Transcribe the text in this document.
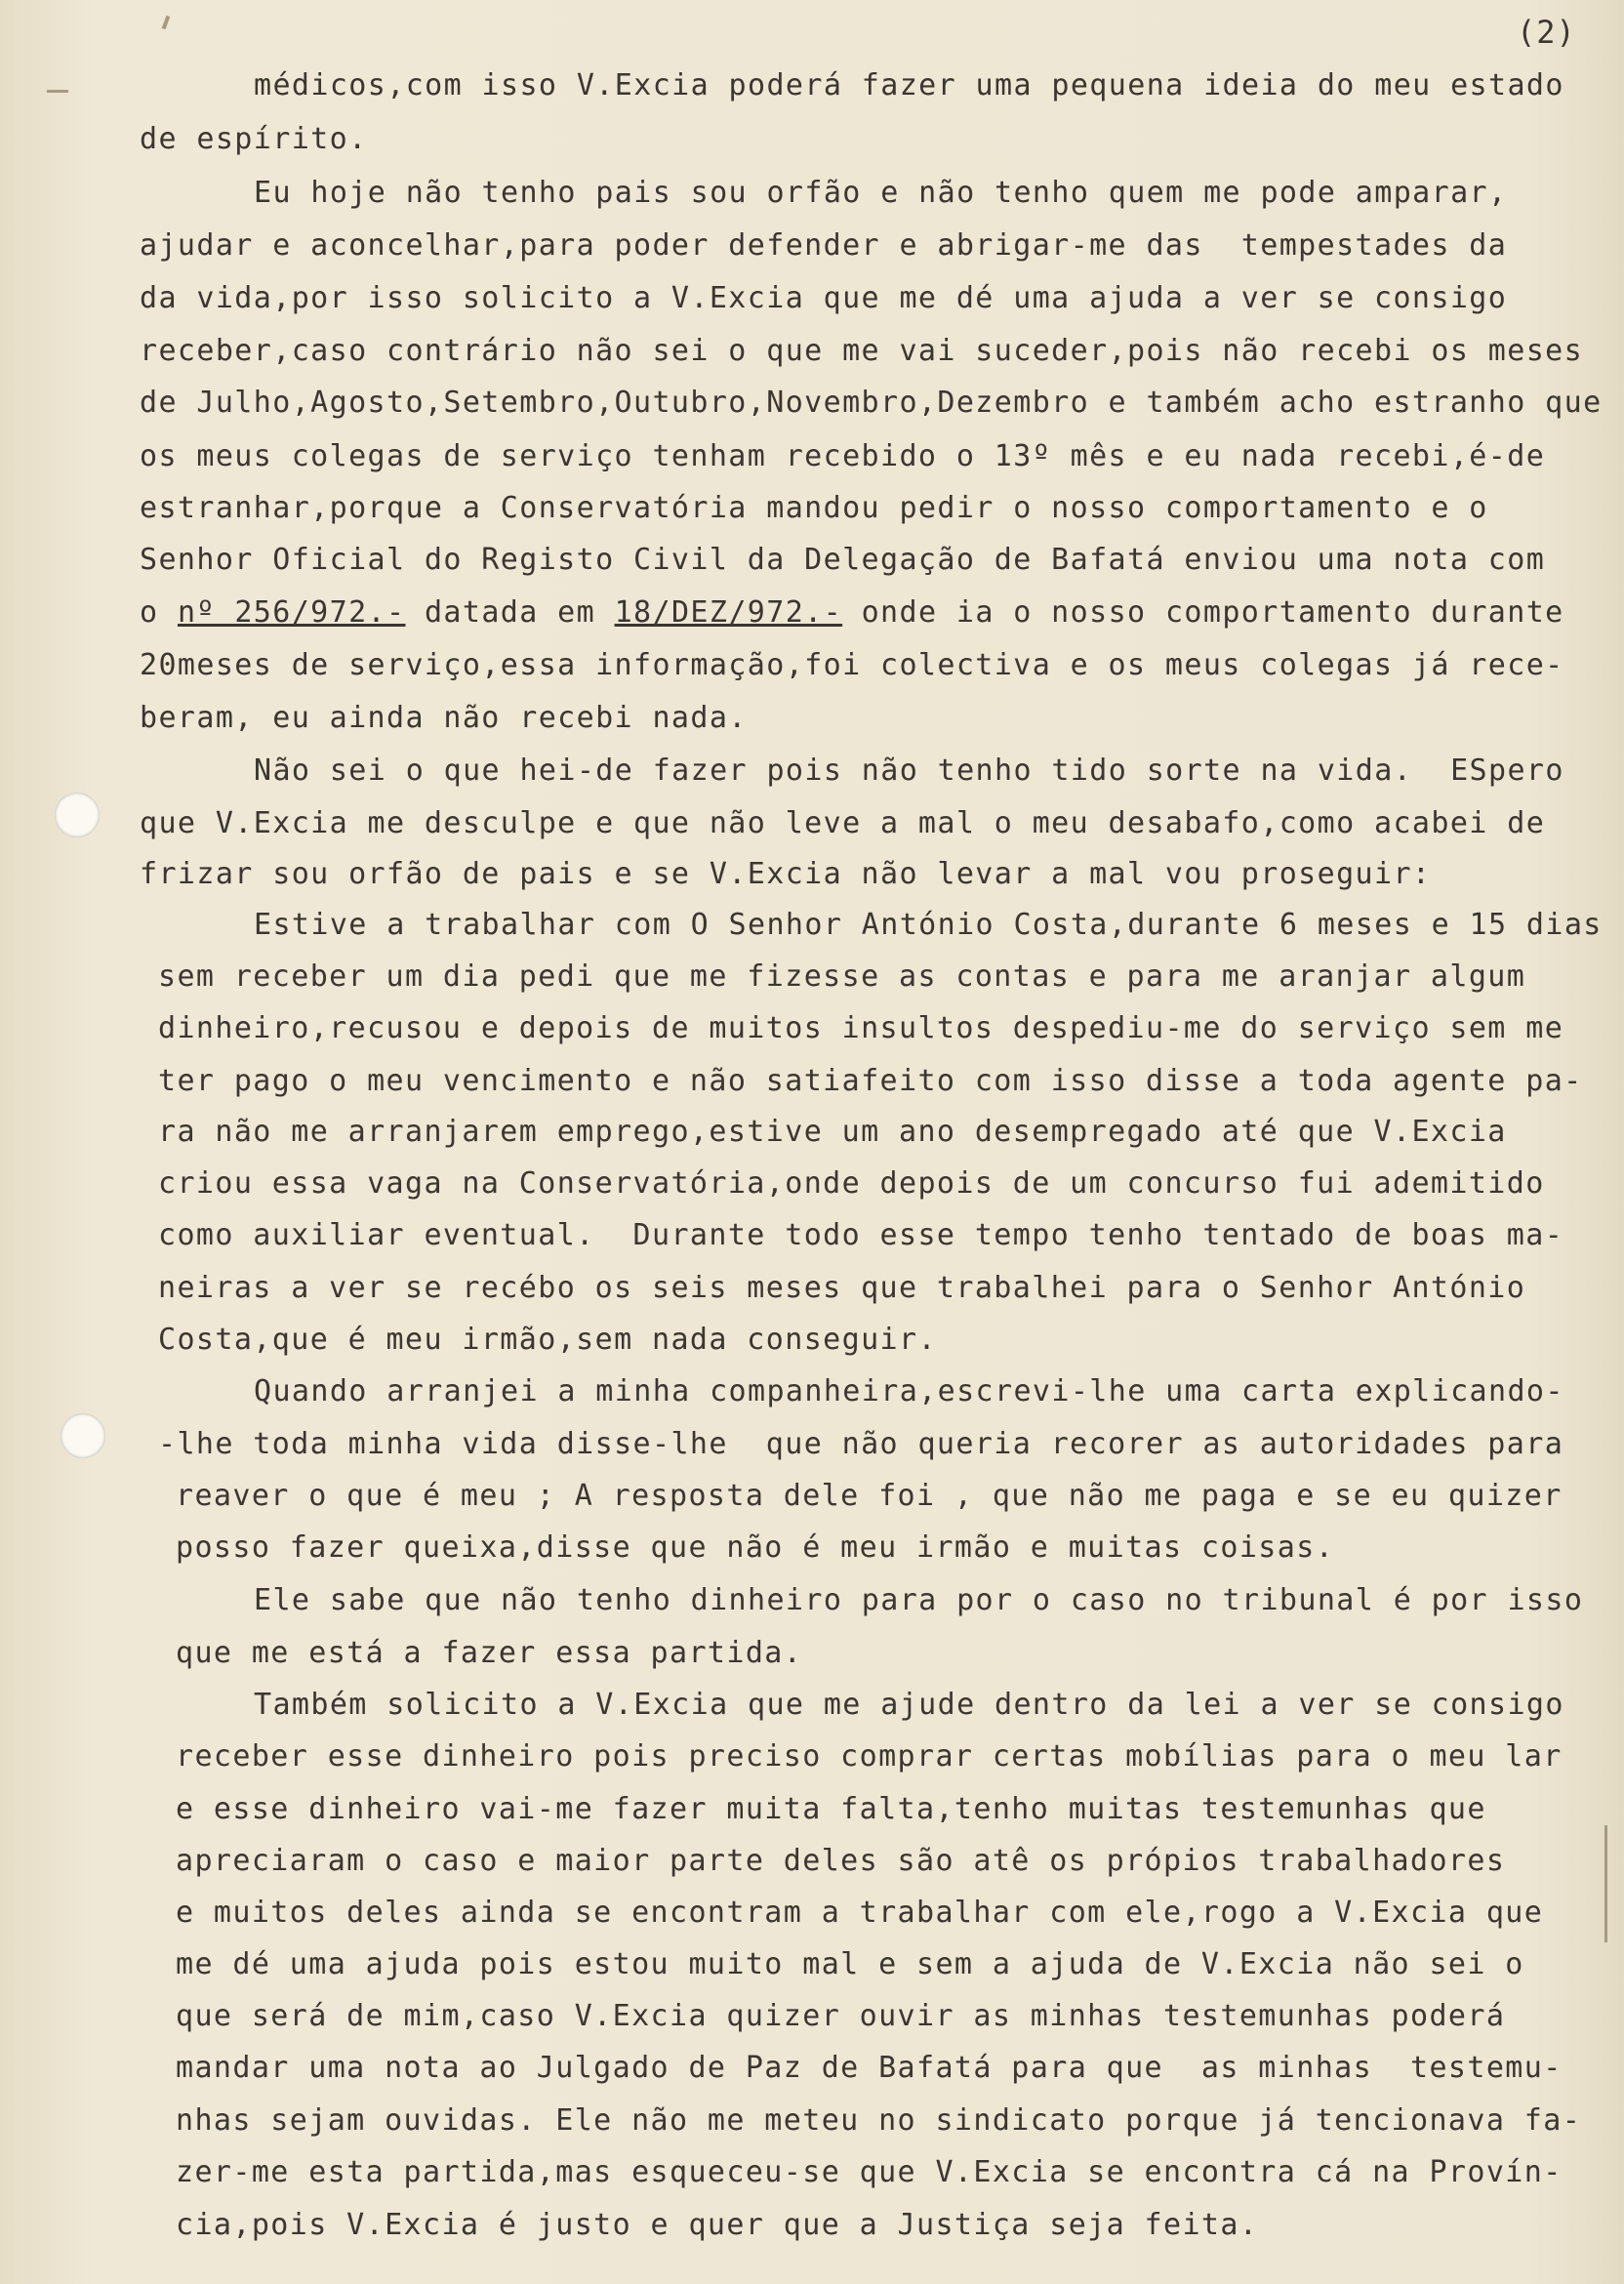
(2)
médicos,com isso V.Excia poderá fazer uma pequena ideia do meu estado
de espírito.
Eu hoje não tenho pais sou orfão e não tenho quem me pode amparar,
ajudar e aconcelhar,para poder defender e abrigar-me das  tempestades da
da vida,por isso solicito a V.Excia que me dé uma ajuda a ver se consigo
receber,caso contrário não sei o que me vai suceder,pois não recebi os meses
de Julho,Agosto,Setembro,Outubro,Novembro,Dezembro e também acho estranho que
os meus colegas de serviço tenham recebido o 13º mês e eu nada recebi,é-de
estranhar,porque a Conservatória mandou pedir o nosso comportamento e o
Senhor Oficial do Registo Civil da Delegação de Bafatá enviou uma nota com
o nº 256/972.- datada em 18/DEZ/972.- onde ia o nosso comportamento durante
20meses de serviço,essa informação,foi colectiva e os meus colegas já rece-
beram, eu ainda não recebi nada.
Não sei o que hei-de fazer pois não tenho tido sorte na vida.  ESpero
que V.Excia me desculpe e que não leve a mal o meu desabafo,como acabei de
frizar sou orfão de pais e se V.Excia não levar a mal vou proseguir:
Estive a trabalhar com O Senhor António Costa,durante 6 meses e 15 dias
sem receber um dia pedi que me fizesse as contas e para me aranjar algum
dinheiro,recusou e depois de muitos insultos despediu-me do serviço sem me
ter pago o meu vencimento e não satiafeito com isso disse a toda agente pa-
ra não me arranjarem emprego,estive um ano desempregado até que V.Excia
criou essa vaga na Conservatória,onde depois de um concurso fui ademitido
como auxiliar eventual.  Durante todo esse tempo tenho tentado de boas ma-
neiras a ver se recébo os seis meses que trabalhei para o Senhor António
Costa,que é meu irmão,sem nada conseguir.
Quando arranjei a minha companheira,escrevi-lhe uma carta explicando-
-lhe toda minha vida disse-lhe  que não queria recorer as autoridades para
reaver o que é meu ; A resposta dele foi , que não me paga e se eu quizer
posso fazer queixa,disse que não é meu irmão e muitas coisas.
Ele sabe que não tenho dinheiro para por o caso no tribunal é por isso
que me está a fazer essa partida.
Também solicito a V.Excia que me ajude dentro da lei a ver se consigo
receber esse dinheiro pois preciso comprar certas mobílias para o meu lar
e esse dinheiro vai-me fazer muita falta,tenho muitas testemunhas que
apreciaram o caso e maior parte deles são atê os própios trabalhadores
e muitos deles ainda se encontram a trabalhar com ele,rogo a V.Excia que
me dé uma ajuda pois estou muito mal e sem a ajuda de V.Excia não sei o
que será de mim,caso V.Excia quizer ouvir as minhas testemunhas poderá
mandar uma nota ao Julgado de Paz de Bafatá para que  as minhas  testemu-
nhas sejam ouvidas. Ele não me meteu no sindicato porque já tencionava fa-
zer-me esta partida,mas esqueceu-se que V.Excia se encontra cá na Provín-
cia,pois V.Excia é justo e quer que a Justiça seja feita.
